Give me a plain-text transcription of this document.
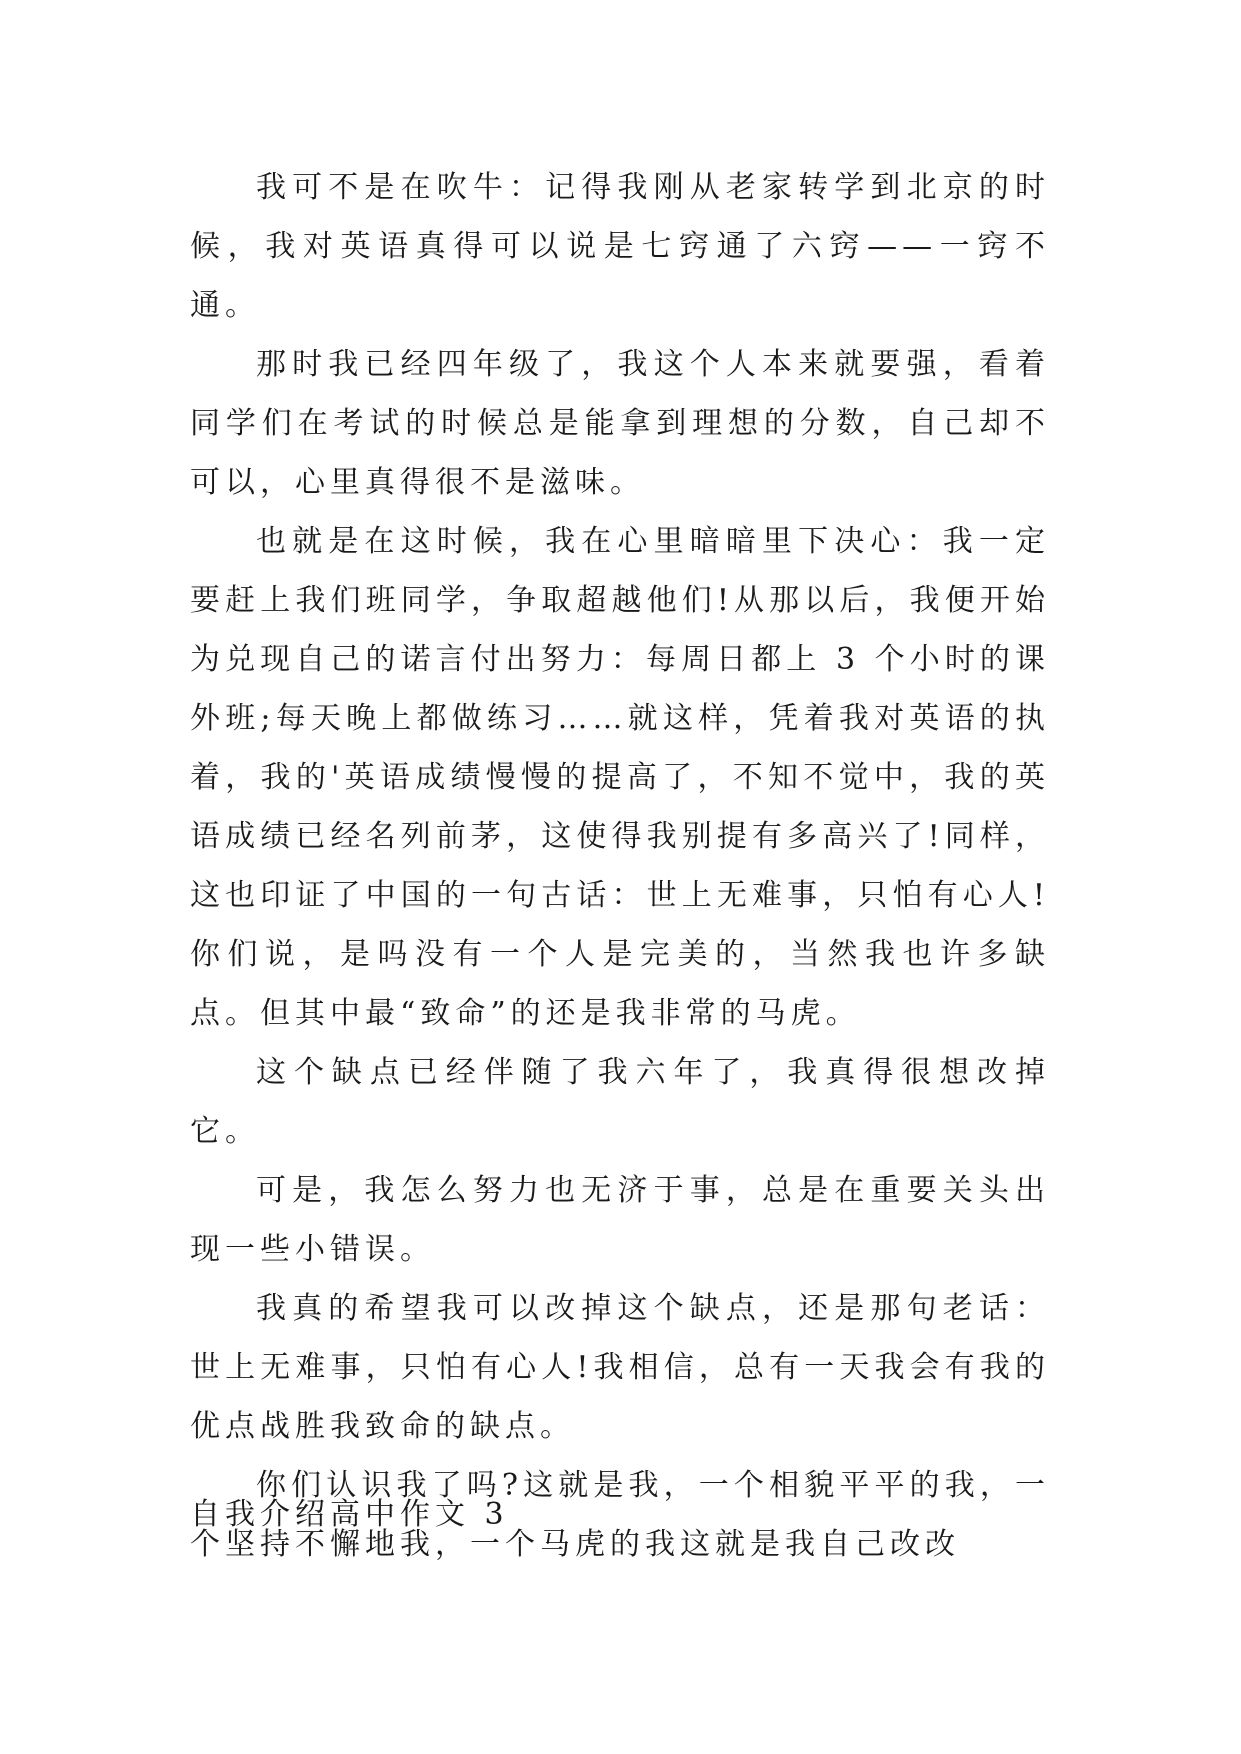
我可不是在吹牛：记得我刚从老家转学到北京的时候，我对英语真得可以说是七窍通了六窍——一窍不通。

那时我已经四年级了，我这个人本来就要强，看着同学们在考试的时候总是能拿到理想的分数，自己却不可以，心里真得很不是滋味。

也就是在这时候，我在心里暗暗里下决心：我一定要赶上我们班同学，争取超越他们!从那以后，我便开始为兑现自己的诺言付出努力：每周日都上 3 个小时的课外班;每天晚上都做练习……就这样，凭着我对英语的执着，我的'英语成绩慢慢的提高了，不知不觉中，我的英语成绩已经名列前茅，这使得我别提有多高兴了!同样，这也印证了中国的一句古话：世上无难事，只怕有心人!你们说，是吗没有一个人是完美的，当然我也许多缺点。但其中最“致命”的还是我非常的马虎。

这个缺点已经伴随了我六年了，我真得很想改掉它。

可是，我怎么努力也无济于事，总是在重要关头出现一些小错误。

我真的希望我可以改掉这个缺点，还是那句老话：世上无难事，只怕有心人!我相信，总有一天我会有我的优点战胜我致命的缺点。

你们认识我了吗?这就是我，一个相貌平平的我，一个坚持不懈地我，一个马虎的我这就是我自己改改

自我介绍高中作文 3
